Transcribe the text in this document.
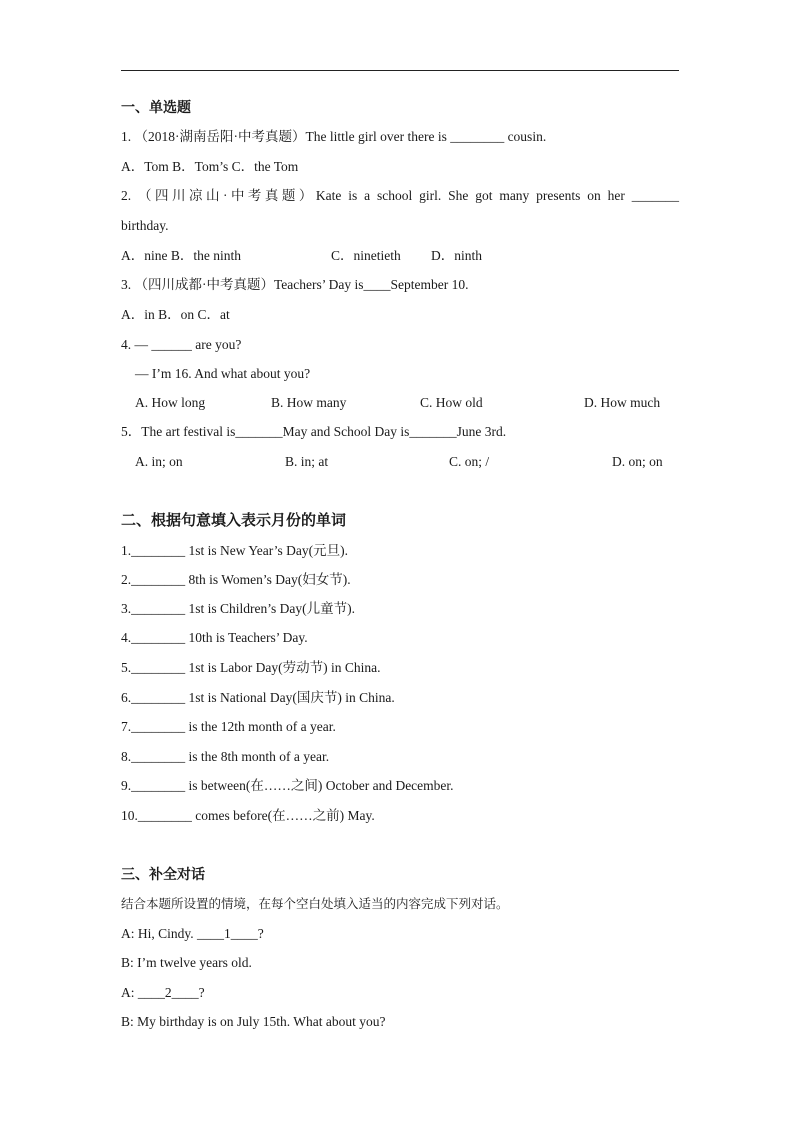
一、单选题
1. （2018·湖南岳阳·中考真题）The little girl over there is ________ cousin.
A．Tom B．Tom’s C．the Tom
2. （四川凉山·中考真题）Kate is a school girl. She got many presents on her _______
birthday.
A．nine B．the ninth	C．ninetieth D．ninth
3. （四川成都·中考真题）Teachers’ Day is____September 10.
A．in B．on C．at
4. — ______ are you?
— I’m 16. And what about you?
A. How long	B. How many	C. How old	D. How much
5．The art festival is_______May and School Day is_______June 3rd.
A. in; on	B. in; at	C. on; /	D. on; on
二、根据句意填入表示月份的单词
1.________ 1st is New Year’s Day(元旦).
2.________ 8th is Women’s Day(妇女节).
3.________ 1st is Children’s Day(儿童节).
4.________ 10th is Teachers’ Day.
5.________ 1st is Labor Day(劳动节) in China.
6.________ 1st is National Day(国庆节) in China.
7.________ is the 12th month of a year.
8.________ is the 8th month of a year.
9.________ is between(在……之间) October and December.
10.________ comes before(在……之前) May.
三、补全对话
结合本题所设置的情境，在每个空白处填入适当的内容完成下列对话。
A: Hi, Cindy. ____1____?
B: I’m twelve years old.
A: ____2____?
B: My birthday is on July 15th. What about you?
